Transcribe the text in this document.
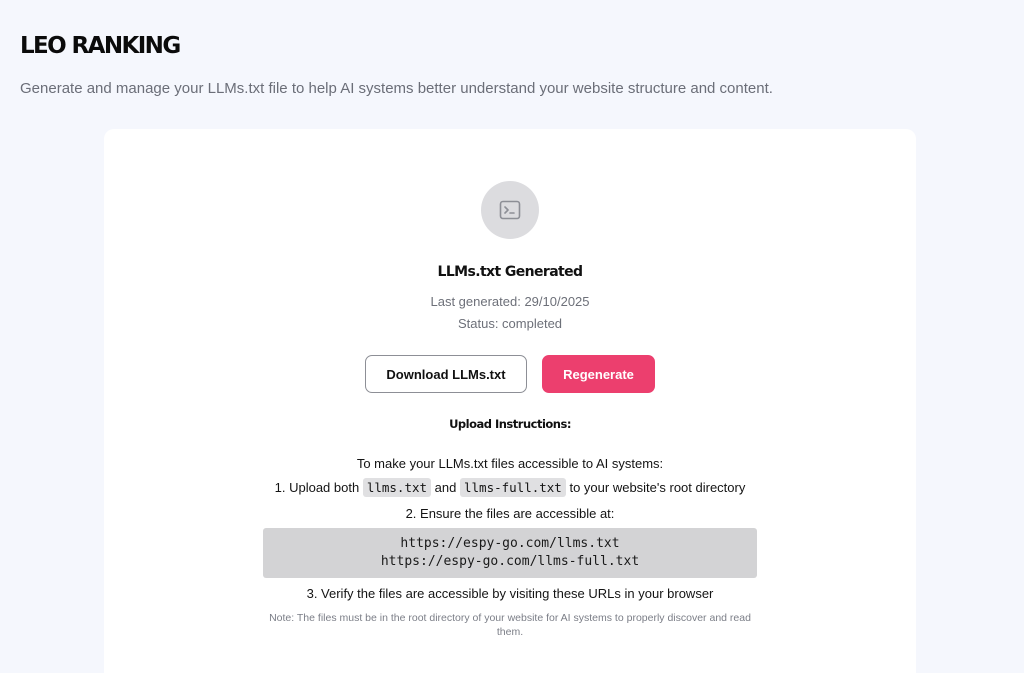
LEO RANKING
Generate and manage your LLMs.txt file to help AI systems better understand your website structure and content.
LLMs.txt Generated
Last generated: 29/10/2025
Status: completed
Download LLMs.txt	Regenerate
Upload Instructions:
To make your LLMs.txt files accessible to AI systems:
1. Upload both llms.txt and llms-full.txt to your website's root directory
2. Ensure the files are accessible at:
https://espy-go.com/llms.txt
https://espy-go.com/llms-full.txt
3. Verify the files are accessible by visiting these URLs in your browser
Note: The files must be in the root directory of your website for AI systems to properly discover and read them.
